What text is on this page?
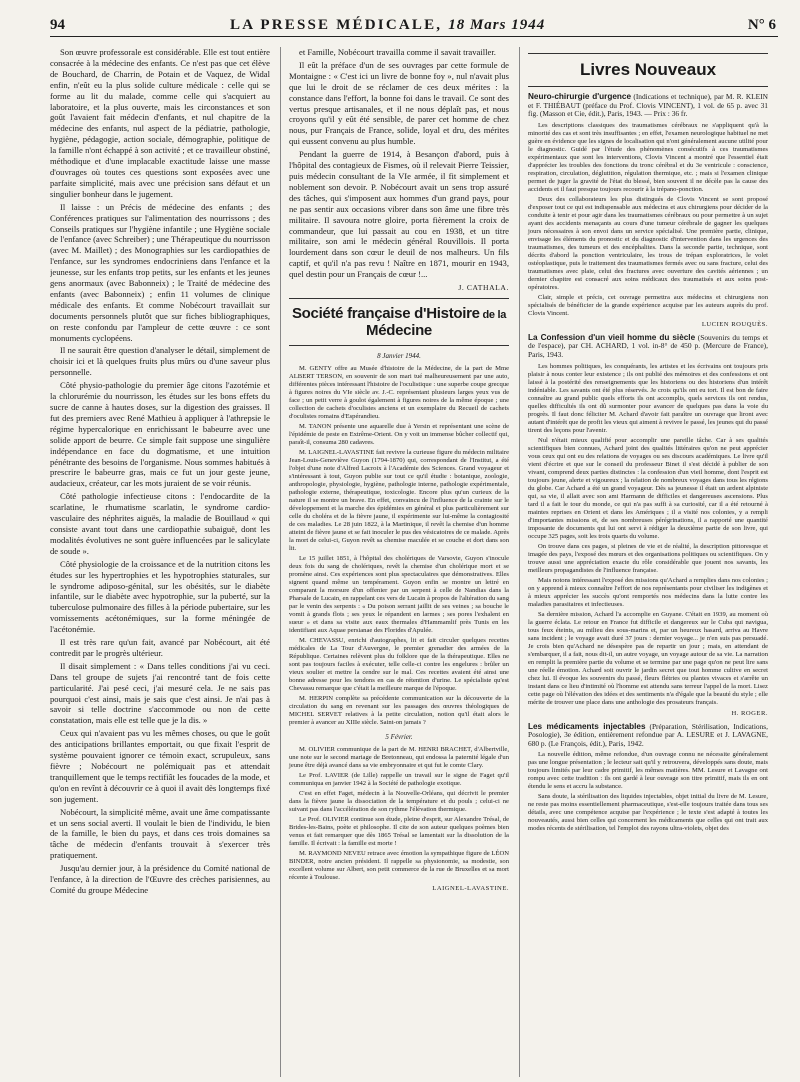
94	LA PRESSE MÉDICALE, 18 Mars 1944	N° 6

Son œuvre professorale est considérable. Elle est tout entière consacrée à la médecine des enfants. Ce n'est pas que cet élève de Bouchard, de Charrin, de Potain et de Vaquez, de Widal enfin, n'eût eu la plus solide culture médicale : celle qui se forme au lit du malade, comme celle qui s'acquiert au laboratoire, et la plus ouverte, mais les circonstances et son goût l'avaient fait médecin d'enfants, et nul chapitre de la médecine des enfants, nul aspect de la pédiatrie, pathologie, hygiène, pédagogie, action sociale, démographie, politique de la famille n'ont échappé à son activité ; et ce travailleur obstiné, méthodique et d'une implacable exactitude laisse une masse d'ouvrages où toutes ces questions sont exposées avec une parfaite simplicité, mais avec une précision sans défaut et un singulier bonheur dans le jugement.

Il laisse : un Précis de médecine des enfants ; des Conférences pratiques sur l'alimentation des nourrissons ; des Conseils pratiques sur l'hygiène infantile ; une Hygiène sociale de l'enfance (avec Schreiber) ; une Thérapeutique du nourrisson (avec M. Maillet) ; des Monographies sur les cardiopathies de l'enfance, sur les syndromes endocriniens dans l'enfance et la jeunesse, sur les enfants trop petits, sur les enfants et les jeunes gens anormaux (avec Babonneix) ; le Traité de médecine des enfants (avec Babonneix) ; enfin 11 volumes de clinique médicale des enfants. Et comme Nobécourt travaillait sur documents personnels plutôt que sur fiches bibliographiques, on reste confondu par l'ampleur de cette œuvre : ce sont monuments cyclopéens.

Il ne saurait être question d'analyser le détail, simplement de choisir ici et là quelques fruits plus mûrs ou d'une saveur plus personnelle.

Côté physio-pathologie du premier âge citons l'azotémie et la chlorurémie du nourrisson, les études sur les bons effets du sucre de canne à hautes doses, sur la digestion des graisses. Il fut des premiers avec René Mathieu à appliquer à l'athrepsie le régime hypercalorique en enrichissant le babeurre avec une solide apport de beurre. Ce simple fait suppose une singulière indépendance en face du dogmatisme, et une intuition pénétrante des besoins de l'organisme. Nous sommes habitués à prescrire le babeurre gras, mais ce fut un jour geste jeune, audacieux, créateur, car les mots juraient de se voir réunis.

Côté pathologie infectieuse citons : l'endocardite de la scarlatine, le rhumatisme scarlatin, le syndrome cardio-vasculaire des néphrites aiguës, la maladie de Bouillaud « qui consiste avant tout dans une cardiopathie subaiguë, dont les modalités évolutives ne sont guère influencées par le salicylate de soude ».

Côté physiologie de la croissance et de la nutrition citons les études sur les hypertrophies et les hypotrophies staturales, sur le syndrome adiposo-génital, sur les obésités, sur le diabète infantile, sur le diabète avec hypotrophie, sur la puberté, sur la tuberculose pulmonaire des filles à la période pubertaire, sur les vomissements acétonémiques, sur la forme méningée de l'acétonémie.

Il est très rare qu'un fait, avancé par Nobécourt, ait été contredit par le progrès ultérieur.

Il disait simplement : « Dans telles conditions j'ai vu ceci. Dans tel groupe de sujets j'ai rencontré tant de fois cette particularité. J'ai pesé ceci, j'ai mesuré cela. Je ne sais pas pourquoi c'est ainsi, mais je sais que c'est ainsi. Je n'ai pas à savoir si telle doctrine s'accommode ou non de cette constatation, mais elle est telle que je la dis. »

Ceux qui n'avaient pas vu les mêmes choses, ou que le goût des anticipations brillantes emportait, ou que fixait l'esprit de système pouvaient ignorer ce témoin exact, scrupuleux, sans fièvre ; Nobécourt ne polémiquait pas et attendait tranquillement que le temps rectifiât les foucades de la mode, et qu'on en revînt à découvrir ce à quoi il avait dès longtemps fixé son jugement.

Nobécourt, la simplicité même, avait une âme compatissante et un sens social averti. Il voulait le bien de l'individu, le bien de la famille, le bien du pays, et dans ces trois domaines sa tâche de médecin d'enfants trouvait à s'exercer très pratiquement.

Jusqu'au dernier jour, à la présidence du Comité national de l'enfance, à la direction de l'Œuvre des crèches parisiennes, au Comité du groupe Médecine

et Famille, Nobécourt travailla comme il savait travailler.

Il eût la préface d'un de ses ouvrages par cette formule de Montaigne : « C'est ici un livre de bonne foy », nul n'avait plus que lui le droit de se réclamer de ces deux mérites : la constance dans l'effort, la bonne foi dans le travail. Ce sont des vertus presque artisanales, et il ne nous déplaît pas, et nous croyons qu'il y eût été sensible, de parer cet homme de chez nous, pur Français de France, solide, loyal et dru, des mérites qui eussent convenu au plus humble.

Pendant la guerre de 1914, à Besançon d'abord, puis à l'hôpital des contagieux de Fismes, où il relevait Pierre Teissier, puis médecin consultant de la VIe armée, il fit simplement et noblement son devoir. P. Nobécourt avait un sens trop assuré des tâches, qui s'imposent aux hommes d'un grand pays, pour ne pas sentir aux occasions vibrer dans son âme une fibre très militaire. Il savoura notre gloire, porta fièrement la croix de commandeur, que lui passait au cou en 1938, et un titre militaire, son ami le médecin général Rouvillois. Il porta lourdement dans son cœur le deuil de nos malheurs. Un fils captif, et qu'il n'a pas revu ! Naître en 1871, mourir en 1943, quel destin pour un Français de cœur !...

J. CATHALA.
Société française d'Histoire de la Médecine
8 Janvier 1944.

M. GENTY offre au Musée d'histoire de la Médecine, de la part de Mme ALBERT TERSON, en souvenir de son mari tué malheureusement par une auto, différentes pièces intéressant l'histoire de l'oculistique : une superbe coupe grecque à figures noires du VIe siècle av. J.-C. représentant plusieurs larges yeux vus de face ; un petit verre à goulot également à figures noires de la même époque ; une collection de cachets d'oculistes anciens et un exemplaire du Recueil de cachets d'oculistes romains d'Espérandieu.

M. TANON présente une aquarelle due à Yersin et représentant une scène de l'épidémie de peste en Extrême-Orient. On y voit un immense bûcher collectif qui, paraît-il, consuma 280 cadavres.

M. LAIGNEL-LAVASTINE fait revivre la curieuse figure du médecin militaire Jean-Louis-Geneviève Guyon (1794-1870) qui, correspondant de l'Institut, a été l'objet d'une note d'Alfred Lacroix à l'Académie des Sciences. Grand voyageur et s'intéressant à tout, Guyon publie sur tout ce qu'il étudie : botanique, zoologie, anthropologie, physiologie, hygiène, pathologie interne, pathologie expérimentale, pathologie externe, thérapeutique, toxicologie. Encore plus qu'un curieux de la nature il se montre un brave. En effet, convaincu de l'influence de la crainte sur le développement et la marche des épidémies en général et plus particulièrement sur celle du choléra et de la fièvre jaune, il expérimente sur lui-même la contagiosité de ces maladies. Le 28 juin 1822, à la Martinique, il revêt la chemise d'un homme atteint de fièvre jaune et se fait inoculer le pus des vésicatoires de ce malade. Après la mort de celui-ci, Guyon revêt sa chemise maculée et se couche et dort dans son lit.

Le 15 juillet 1851, à l'hôpital des cholériques de Varsovie, Guyon s'inocule deux fois du sang de cholériques, revêt la chemise d'un cholérique mort et se promène ainsi. Ces expériences sont plus spectaculaires que démonstratives. Elles signent quand même un tempérament. Guyon enfin se montre un lettré en comparant la morsure d'un offenier par un serpent à celle de Nandias dans la Pharsale de Lucain, en rappelant ces vers de Lucain à propos de l'altération du sang par le venin des serpents : « Du poison serrant jaillit de ses veines ; sa bouche le vomit à grands flots ; ses yeux le répandent en larmes ; ses pores l'exhalent en sueur » et dans sa visite aux eaux thermales d'Hammamlif près Tunis en les identifiant aux Aquae persianae des Florides d'Apulée.

M. CHEVASSU, enrichi d'autographes, lit et fait circuler quelques recettes médicales de La Tour d'Auvergne, le premier grenadier des armées de la République. Certaines relèvent plus du folklore que de la thérapeutique. Elles ne sont pas toujours faciles à exécuter, telle celle-ci contre les engelures : brûler un vieux soulier et mettre la cendre sur le mal. Ces recettes avaient été ainsi une bonne adresse pour les tendons en cas de rétention d'urine. Le spécialiste qu'est Chevassu remarque que c'était la meilleure marque de l'époque.

M. HERPIN complète sa précédente communication sur la découverte de la circulation du sang en revenant sur les passages des œuvres théologiques de MICHEL SERVET relatives à la petite circulation, notion qu'il était alors le premier à avancer au XIIIe siècle. Saint-on jamais ?

5 Février.

M. OLIVIER communique de la part de M. HENRI BRACHET, d'Albertville, une note sur le second mariage de Bretonneau, qui endossa la paternité légale d'un jeune être déjà avancé dans sa vie embryonnaire et qui fut le comte Clary.

Le Prof. LAVIER (de Lille) rappelle un travail sur le signe de Faget qu'il communiqua en janvier 1942 à la Société de pathologie exotique.

C'est en effet Faget, médecin à la Nouvelle-Orléans, qui décrivit le premier dans la fièvre jaune la dissociation de la température et du pouls ; celui-ci ne suivant pas dans l'accélération de son rythme l'élévation thermique.

Le Prof. OLIVIER continue son étude, pleine d'esprit, sur Alexandre Trésal, de Brides-les-Bains, poète et philosophe. Il cite de son auteur quelques poèmes bien venus et fait remarquer que dès 1865 Trésal se lamentait sur la dissolution de la famille. Il écrivait : la famille est morte !

M. RAYMOND NEVEU retrace avec émotion la sympathique figure de LÉON BINDER, notre ancien président. Il rappelle sa physionomie, sa modestie, son excellent volume sur Albert, son petit commerce de la rue de Bruxelles et sa mort récente à Toulouse.

LAIGNEL-LAVASTINE.
Livres Nouveaux
Neuro-chirurgie d'urgence (Indications et technique), par M. R. KLEIN et F. THIÉBAUT (préface du Prof. Clovis VINCENT), 1 vol. de 65 p. avec 31 fig. (Masson et Cie, édit.), Paris, 1943. — Prix : 36 fr.

Les descriptions classiques des traumatismes cérébraux ne s'appliquent qu'à la minorité des cas et sont très insuffisantes ; en effet, l'examen neurologique habituel ne met guère en évidence que les signes de localisation qui n'ont généralement aucune utilité pour le diagnostic. Guidé par l'étude des phénomènes consécutifs à ces traumatismes expérimentaux que sont les interventions, Clovis Vincent a montré que l'essentiel était d'apprécier les troubles des fonctions du tronc cérébral et du 3e ventricule : conscience, respiration, circulation, déglutition, régulation thermique, etc. ; mais si l'examen clinique permet de juger la gravité de l'état du blessé, bien souvent il ne décèle pas la cause des accidents et il faut presque toujours recourir à la trépano-ponction.

Deux des collaborateurs les plus distingués de Clovis Vincent se sont proposé d'exposer tout ce qui est indispensable aux médecins et aux chirurgiens pour décider de la conduite à tenir et pour agir dans les traumatismes cérébraux ou pour permettre à un sujet ayant des accidents menaçants au cours d'une tumeur cérébrale de gagner les quelques jours nécessaires à son envoi dans un service spécialisé. Une première partie, clinique, envisage les éléments du pronostic et du diagnostic d'intervention dans les urgences des traumatismes, des tumeurs et des encéphalites. Dans la seconde partie, technique, sont décrits d'abord la ponction ventriculaire, les trous de trépan exploratrices, le volet ostéoplastique, puis le traitement des traumatismes fermés avec ou sans fracture, celui des traumatismes avec plaie, celui des fractures avec ouverture des cavités aériennes ; un dernier chapitre est consacré aux soins médicaux des traumatisés et aux soins post-opératoires.

Clair, simple et précis, cet ouvrage permettra aux médecins et chirurgiens non spécialisés de bénéficier de la grande expérience acquise par les auteurs auprès du prof. Clovis Vincent.

LUCIEN ROUQUÈS.
La Confession d'un vieil homme du siècle (Souvenirs du temps et de l'espace), par CH. ACHARD, 1 vol. in-8° de 450 p. (Mercure de France), Paris, 1943.

Les hommes politiques, les conquérants, les artistes et les écrivains ont toujours pris plaisir à nous conter leur existence ; ils ont publié des mémoires et des confessions et ont laissé à la postérité des renseignements que les historiens ou des historiens d'un intérêt indéniable. Les savants ont été plus réservés. Je crois qu'ils ont eu tort. Il est bon de faire connaître au grand public quels efforts ils ont accomplis, quels services ils ont rendus, quelles difficultés ils ont dû surmonter pour avancer de quelques pas dans la voie du progrès. Il faut donc féliciter M. Achard d'avoir fait paraître un ouvrage que liront avec autant d'intérêt que de profit les vieux qui aiment à revivre le passé, les jeunes qui du passé tirent des leçons pour l'avenir.

Nul n'était mieux qualifié pour accomplir une pareille tâche. Car à ses qualités scientifiques bien connues, Achard joint des qualités littéraires qu'on ne peut apprécier vous ceux qui ont eu des relations de voyages ou ses discours académiques. Le livre qu'il vient d'écrire et que sur le conseil du professeur Binet il s'est décidé à publier de son vivant, comprend deux parties distinctes : la confession d'un vieil homme, dont l'esprit est toujours jeune, alerte et vigoureux ; la relation de nombreux voyages dans tous les régions du globe. Car Achard a été un grand voyageur. Dès sa jeunesse il était un ardent alpiniste qui, sa vie, il allait avec son ami Harmann de difficiles et dangereuses ascensions. Plus tard il a fait le tour du monde, ce qui n'a pas suffi à sa curiosité, car il a été retourné à maintes reprises en Orient et dans les Amériques ; il a visité nos colonies, y a rempli d'importantes missions et, de ses nombreuses pérégrinations, il a rapporté une quantité imposante de documents qui lui ont servi à rédiger la deuxième partie de son livre, qui occupe 325 pages, soit les trois quarts du volume.

On trouve dans ces pages, si pleines de vie et de réalité, la description pittoresque et imagée des pays, l'exposé des mœurs et des organisations politiques ou scientifiques. On y trouve aussi une appréciation exacte du rôle considérable que jouent nos savants, les meilleurs propagandistes de l'influence française.

Mais notons intéressant l'exposé des missions qu'Achard a remplies dans nos colonies ; on y apprend à mieux connaître l'effort de nos représentants pour civiliser les indigènes et à mieux apprécier les succès qu'ont remportés nos médecins dans la lutte contre les maladies parasitaires et infectieuses.

Sa dernière mission, Achard l'a accomplie en Guyane. C'était en 1939, au moment où la guerre éclata. Le retour en France fut difficile et dangereux sur le Cuba qui navigua, tous feux éteints, au milieu des sous-marins et, par un heureux hasard, arriva au Havre sans incident ; le voyage avait duré 37 jours : dernier voyage... je n'en suis pas persuadé. Je crois bien qu'Achard ne désespère pas de repartir un jour ; mais, en attendant de s'embarquer, il a fait, nous dit-il, un autre voyage, un voyage autour de sa vie. La narration en remplit la première partie du volume et se termine par une page qu'on ne peut lire sans une réelle émotion. Achard soit ouvrir le jardin secret que tout homme cultive en secret chez lui. Il évoque les souvenirs du passé, fleurs flétries ou plantes vivaces et s'arrête un instant dans ce lieu d'intimité où l'homme est attendu sans terreur l'appel de la mort. Lisez cette page où l'élévation des idées et des sentiments n'a d'égale que la beauté du style ; elle mérite de trouver une place dans une anthologie des prosateurs français.

H. ROGER.
Les médicaments injectables (Préparation, Stérilisation, Indications, Posologie), 3e édition, entièrement refondue par A. LESURE et J. LAVAGNE, 680 p. (Le François, édit.), Paris, 1942.

La nouvelle édition, même refondue, d'un ouvrage connu ne nécessite généralement pas une longue présentation ; le lecteur sait qu'il y retrouvera, développés sans doute, mais toujours limités par leur cadre primitif, les mêmes matières. MM. Lesure et Lavagne ont rompu avec cette tradition : ils ont gardé à leur ouvrage son titre primitif, mais ils en ont étendu le sens et accru la substance.

Sans doute, la stérilisation des liquides injectables, objet initial du livre de M. Lesure, ne reste pas moins essentiellement pharmaceutique, s'est-elle toujours traitée dans tous ses détails, avec une compétence acquise par l'expérience ; le texte s'est adapté à toutes les nouveautés, aussi bien celles qui concernent les médicaments que celles qui ont trait aux modes récents de stérilisation, tel l'emploi des rayons ultra-violets, objet des
